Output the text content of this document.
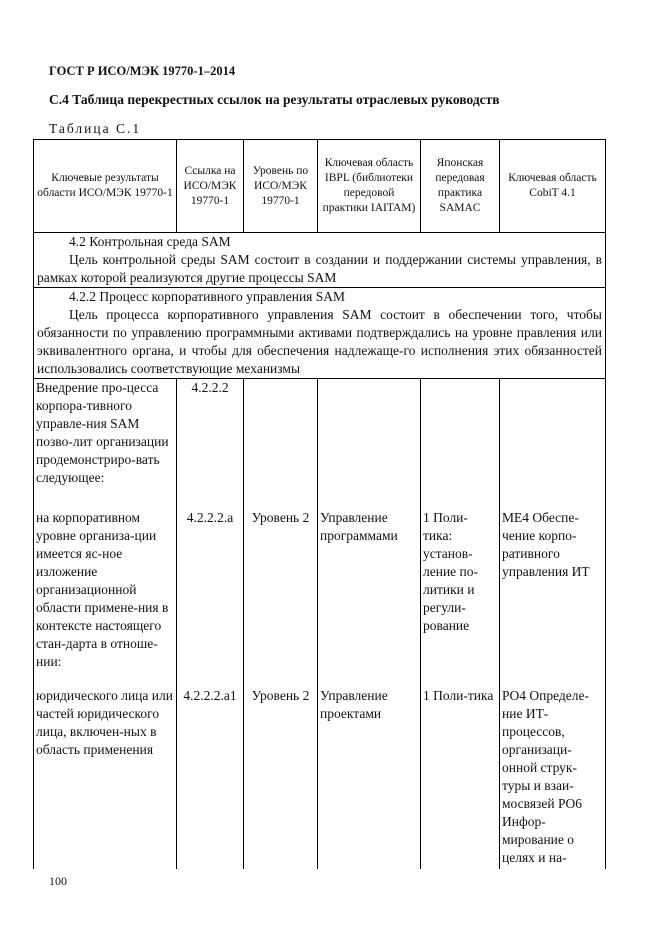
ГОСТ Р ИСО/МЭК 19770-1–2014
С.4 Таблица перекрестных ссылок на результаты отраслевых руководств
Таблица С.1
Ключевые результаты области ИСО/МЭК 19770-1	Ссылка на ИСО/МЭК 19770-1	Уровень по ИСО/МЭК 19770-1	Ключевая область IBPL (библиотеки передовой практики IAITAM)	Японская передовая практика SAMAC	Ключевая область CobiT 4.1

4.2 Контрольная среда SAM
Цель контрольной среды SAM состоит в создании и поддержании системы управления, в рамках которой реализуются другие процессы SAM					

4.2.2 Процесс корпоративного управления SAM
Цель процесса корпоративного управления SAM состоит в обеспечении того, чтобы обязанности по управлению программными активами подтверждались на уровне правления или эквивалентного органа, и чтобы для обеспечения надлежаще-го исполнения этих обязанностей использовались соответствующие механизмы					

Внедрение про-цесса корпора-тивного управле-ния SAM позво-лит организации продемонстриро-вать следующее:	4.2.2.2				
на корпоративном уровне организа-ции имеется яс-ное изложение организационной области примене-ния в контексте настоящего стан-дарта в отноше-нии:	4.2.2.2.a	Уровень 2	Управление программами	1 Поли-тика: установ-ление по-литики и регули-рование	ME4 Обеспе-чение корпо-ративного управления ИТ
юридического лица или частей юридического лица, включен-ных в область применения	4.2.2.2.a1	Уровень 2	Управление проектами	1 Поли-тика	PO4 Определе-ние ИТ-процессов, организаци-онной струк-туры и взаи-мосвязей PO6 Инфор-мирование о целях и на-
100
